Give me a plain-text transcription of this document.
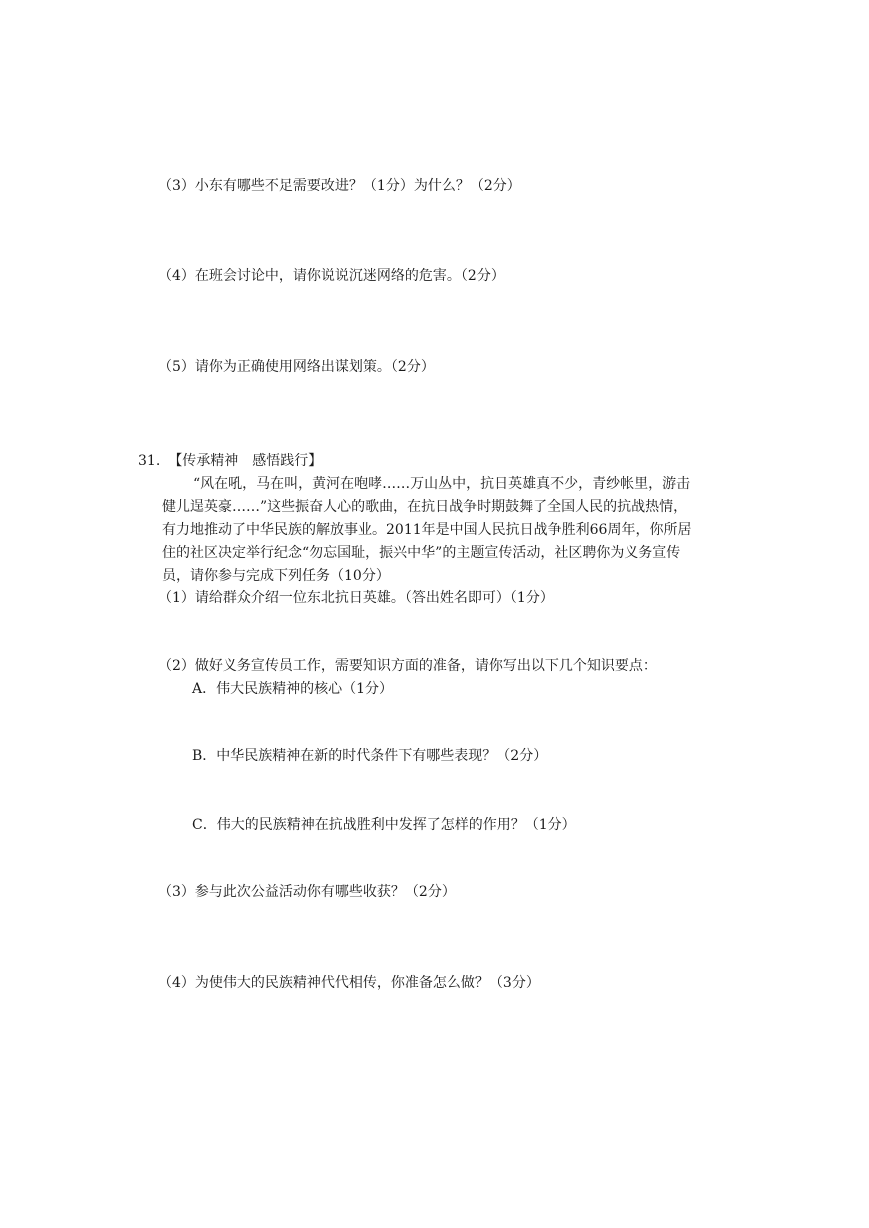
（3）小东有哪些不足需要改进？（1分）为什么？（2分）
（4）在班会讨论中，请你说说沉迷网络的危害。（2分）
（5）请你为正确使用网络出谋划策。（2分）
31. 【传承精神　感悟践行】
“风在吼，马在叫，黄河在咆哮……万山丛中，抗日英雄真不少，青纱帐里，游击
健儿逞英豪……”这些振奋人心的歌曲，在抗日战争时期鼓舞了全国人民的抗战热情，
有力地推动了中华民族的解放事业。2011年是中国人民抗日战争胜利66周年，你所居
住的社区决定举行纪念“勿忘国耻，振兴中华”的主题宣传活动，社区聘你为义务宣传
员，请你参与完成下列任务（10分）
（1）请给群众介绍一位东北抗日英雄。（答出姓名即可）（1分）
（2）做好义务宣传员工作，需要知识方面的准备，请你写出以下几个知识要点：
A．伟大民族精神的核心（1分）
B．中华民族精神在新的时代条件下有哪些表现？（2分）
C．伟大的民族精神在抗战胜利中发挥了怎样的作用？（1分）
（3）参与此次公益活动你有哪些收获？（2分）
（4）为使伟大的民族精神代代相传，你准备怎么做？（3分）
